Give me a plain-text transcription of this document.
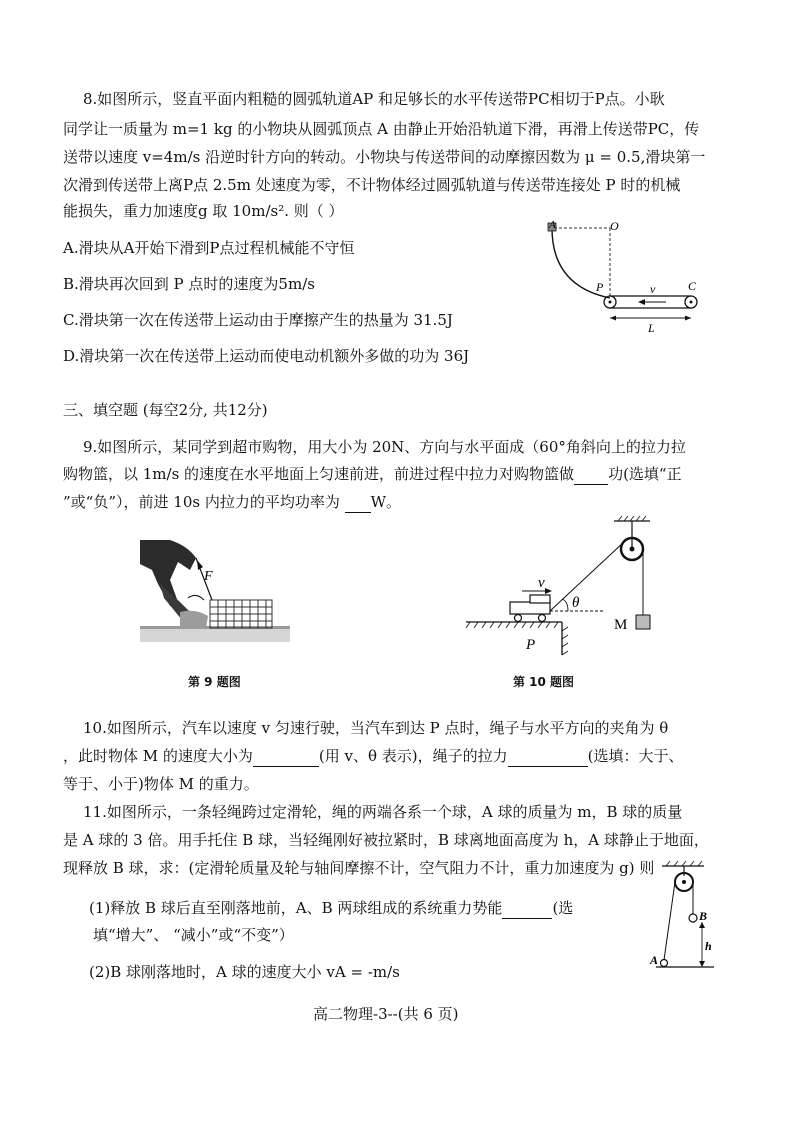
8.如图所示，竖直平面内粗糙的圆弧轨道AP 和足够长的水平传送带PC相切于P点。小耿
同学让一质量为 m=1 kg 的小物块从圆弧顶点 A 由静止开始沿轨道下滑，再滑上传送带PC，传
送带以速度 v=4m/s 沿逆时针方向的转动。小物块与传送带间的动摩擦因数为 μ = 0.5,滑块第一
次滑到传送带上离P点 2.5m 处速度为零，不计物体经过圆弧轨道与传送带连接处 P 时的机械
能损失，重力加速度g 取 10m/s². 则（ ）
A.滑块从A开始下滑到P点过程机械能不守恒
B.滑块再次回到 P 点时的速度为5m/s
C.滑块第一次在传送带上运动由于摩擦产生的热量为 31.5J
D.滑块第一次在传送带上运动而使电动机额外多做的功为 36J
A	O
P	C
v
L
三、填空题 (每空2分, 共12分)
9.如图所示，某同学到超市购物，用大小为 20N、方向与水平面成（60°角斜向上的拉力拉
购物篮，以 1m/s 的速度在水平地面上匀速前进，前进过程中拉力对购物篮做 功(选填“正
”或“负”），前进 10s 内拉力的平均功率为 W。
F
60°
第 9 题图
v
θ
P
M
第 10 题图
10.如图所示，汽车以速度 v 匀速行驶，当汽车到达 P 点时，绳子与水平方向的夹角为 θ
，此时物体 M 的速度大小为	(用 v、θ 表示)，绳子的拉力	(选填：大于、
等于、小于)物体 M 的重力。
11.如图所示，一条轻绳跨过定滑轮，绳的两端各系一个球，A 球的质量为 m，B 球的质量
是 A 球的 3 倍。用手托住 B 球，当轻绳刚好被拉紧时，B 球离地面高度为 h，A 球静止于地面，
现释放 B 球，求：(定滑轮质量及轮与轴间摩擦不计，空气阻力不计，重力加速度为 g) 则
(1)释放 B 球后直至刚落地前，A、B 两球组成的系统重力势能	(选
填“增大”、 “减小”或“不变”）
(2)B 球刚落地时，A 球的速度大小 vA = -m/s
B
A
h
高二物理-3--(共 6 页)
